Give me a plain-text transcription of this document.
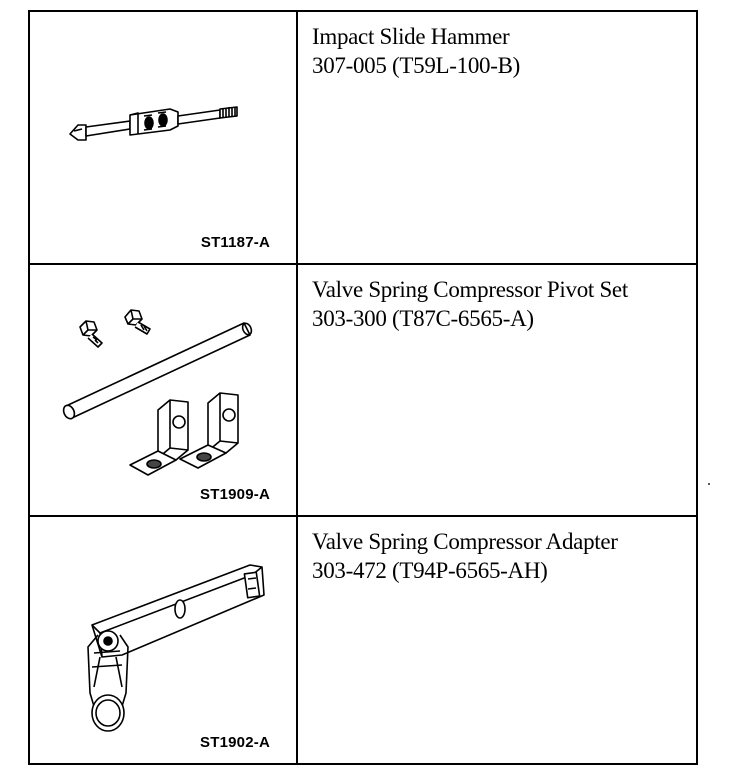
ST1187-A
Impact Slide Hammer
307-005 (T59L-100-B)
ST1909-A
Valve Spring Compressor Pivot Set
303-300 (T87C-6565-A)
ST1902-A
Valve Spring Compressor Adapter
303-472 (T94P-6565-AH)
